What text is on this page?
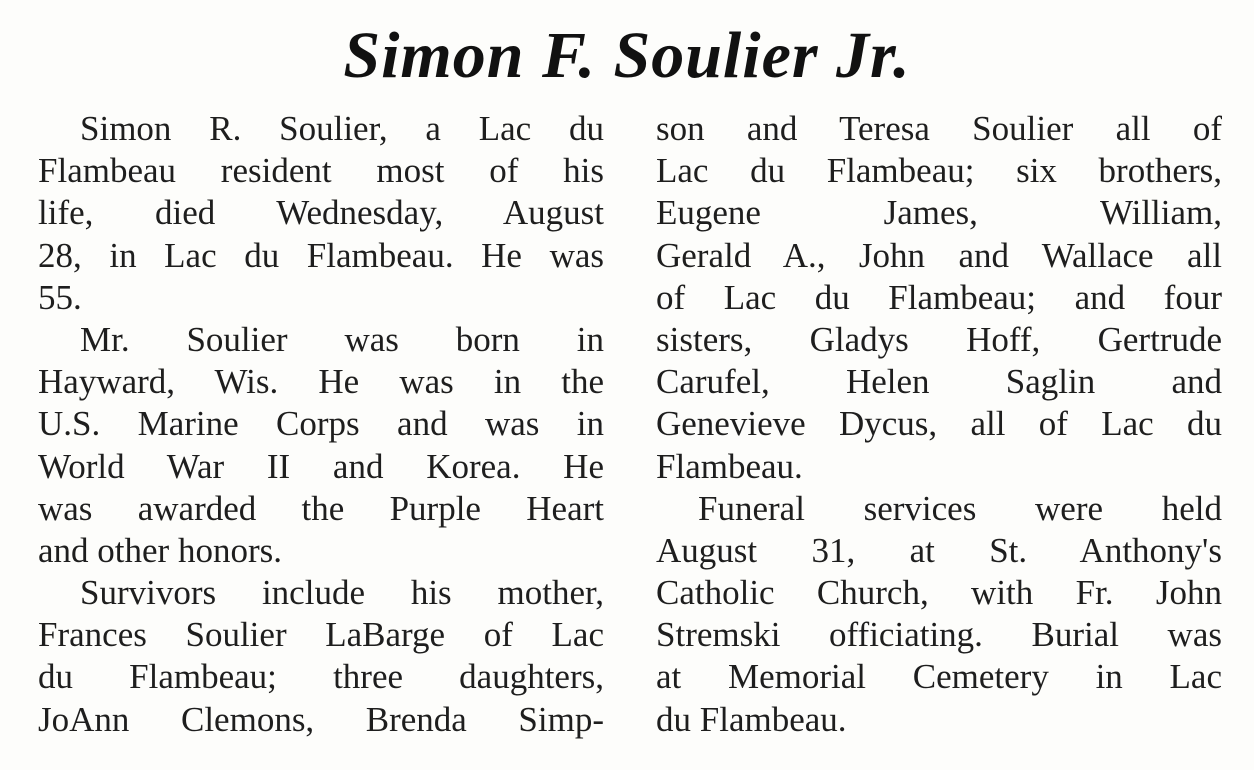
Simon F. Soulier Jr.
Simon R. Soulier, a Lac du
Flambeau resident most of his
life, died Wednesday, August
28, in Lac du Flambeau. He was
55.
Mr. Soulier was born in
Hayward, Wis. He was in the
U.S. Marine Corps and was in
World War II and Korea. He
was awarded the Purple Heart
and other honors.
Survivors include his mother,
Frances Soulier LaBarge of Lac
du Flambeau; three daughters,
JoAnn Clemons, Brenda Simp-
son and Teresa Soulier all of
Lac du Flambeau; six brothers,
Eugene James, William,
Gerald A., John and Wallace all
of Lac du Flambeau; and four
sisters, Gladys Hoff, Gertrude
Carufel, Helen Saglin and
Genevieve Dycus, all of Lac du
Flambeau.
Funeral services were held
August 31, at St. Anthony's
Catholic Church, with Fr. John
Stremski officiating. Burial was
at Memorial Cemetery in Lac
du Flambeau.
